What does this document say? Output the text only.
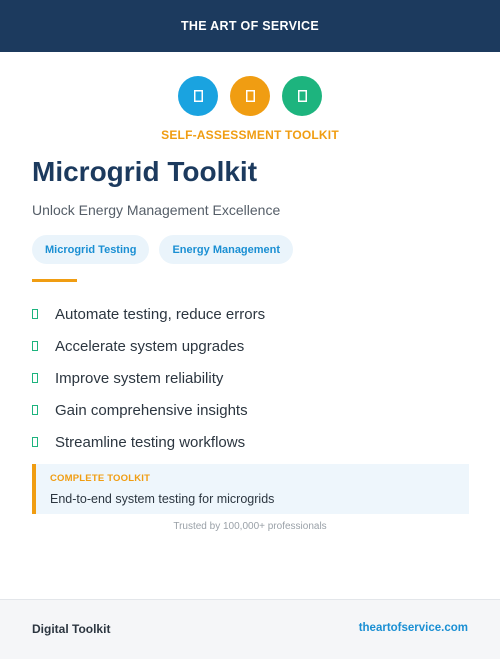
THE ART OF SERVICE
SELF-ASSESSMENT TOOLKIT
Microgrid Toolkit
Unlock Energy Management Excellence
Microgrid Testing	Energy Management
Automate testing, reduce errors
Accelerate system upgrades
Improve system reliability
Gain comprehensive insights
Streamline testing workflows
COMPLETE TOOLKIT
End-to-end system testing for microgrids
Trusted by 100,000+ professionals
Digital Toolkit	theartofservice.com
